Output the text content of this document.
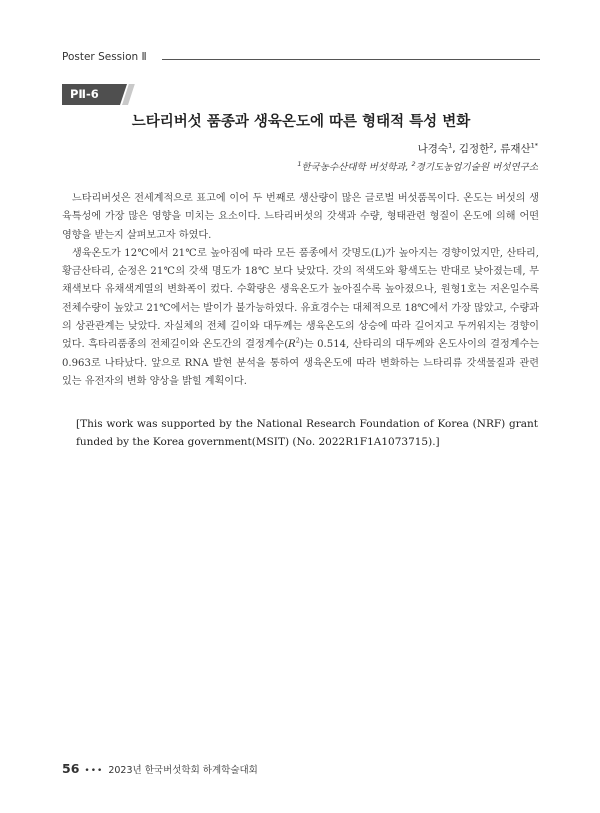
Poster Session Ⅱ
PⅡ-6
느타리버섯 품종과 생육온도에 따른 형태적 특성 변화
나경숙$^1$, 김정한$^2$, 류재산$^{1*}$
$^1$한국농수산대학 버섯학과, $^2$경기도농업기술원 버섯연구소

느타리버섯은 전세계적으로 표고에 이어 두 번째로 생산량이 많은 글로벌 버섯품목이다. 온도는 버섯의 생육특성에 가장 많은 영향을 미치는 요소이다. 느타리버섯의 갓색과 수량, 형태관련 형질이 온도에 의해 어떤 영향을 받는지 살펴보고자 하였다.

생육온도가 12℃에서 21℃로 높아짐에 따라 모든 품종에서 갓명도(L)가 높아지는 경향이었지만, 산타리, 황금산타리, 순정은 21℃의 갓색 명도가 18℃ 보다 낮았다. 갓의 적색도와 황색도는 반대로 낮아졌는데, 무채색보다 유채색계열의 변화폭이 컸다. 수확량은 생육온도가 높아질수록 높아졌으나, 원형1호는 저온일수록 전체수량이 높았고 21℃에서는 발이가 불가능하였다. 유효경수는 대체적으로 18℃에서 가장 많았고, 수량과의 상관관계는 낮았다. 자실체의 전체 길이와 대두께는 생육온도의 상승에 따라 길어지고 두꺼워지는 경향이었다. 흑타리품종의 전체길이와 온도간의 결정계수$(R^2)$는 0.514, 산타리의 대두께와 온도사이의 결정계수는 0.963로 나타났다. 앞으로 RNA 발현 분석을 통하여 생육온도에 따라 변화하는 느타리류 갓색물질과 관련 있는 유전자의 변화 양상을 밝힐 계획이다.

[This work was supported by the National Research Foundation of Korea (NRF) grant funded by the Korea government(MSIT) (No. 2022R1F1A1073715).]
56 ••• 2023년 한국버섯학회 하계학술대회
